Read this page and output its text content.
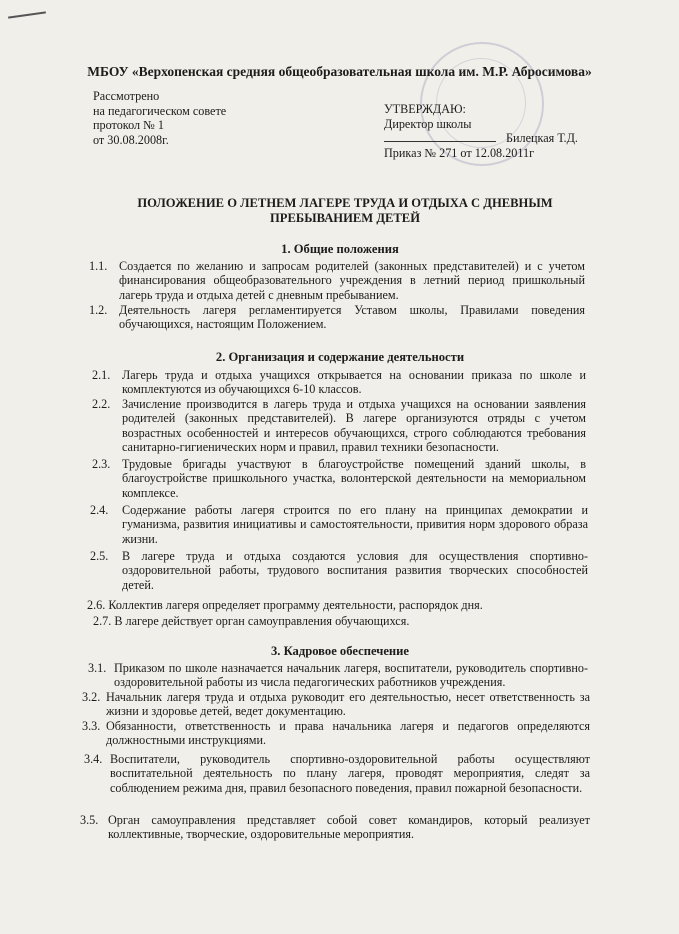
МБОУ «Верхопенская средняя общеобразовательная школа им. М.Р. Абросимова»
Рассмотрено
на педагогическом совете
протокол № 1
от 30.08.2008г.
УТВЕРЖДАЮ:
Директор школы
Билецкая Т.Д.
Приказ № 271 от 12.08.2011г
ПОЛОЖЕНИЕ О ЛЕТНЕМ ЛАГЕРЕ ТРУДА И ОТДЫХА С ДНЕВНЫМ ПРЕБЫВАНИЕМ ДЕТЕЙ
1. Общие положения
1.1. Создается по желанию и запросам родителей (законных представителей) и с учетом финансирования общеобразовательного учреждения в летний период пришкольный лагерь труда и отдыха детей с дневным пребыванием.
1.2. Деятельность лагеря регламентируется Уставом школы, Правилами поведения обучающихся, настоящим Положением.
2. Организация и содержание деятельности
2.1. Лагерь труда и отдыха учащихся открывается на основании приказа по школе и комплектуются из обучающихся 6-10 классов.
2.2. Зачисление производится в лагерь труда и отдыха учащихся на основании заявления родителей (законных представителей). В лагере организуются отряды с учетом возрастных особенностей и интересов обучающихся, строго соблюдаются требования санитарно-гигиенических норм и правил, правил техники безопасности.
2.3. Трудовые бригады участвуют в благоустройстве помещений зданий школы, в благоустройстве пришкольного участка, волонтерской деятельности на мемориальном комплексе.
2.4. Содержание работы лагеря строится по его плану на принципах демократии и гуманизма, развития инициативы и самостоятельности, привития норм здорового образа жизни.
2.5. В лагере труда и отдыха создаются условия для осуществления спортивно-оздоровительной работы, трудового воспитания развития творческих способностей детей.
2.6. Коллектив лагеря определяет программу деятельности, распорядок дня.
2.7. В лагере действует орган самоуправления обучающихся.
3. Кадровое обеспечение
3.1. Приказом по школе назначается начальник лагеря, воспитатели, руководитель спортивно-оздоровительной работы из числа педагогических работников учреждения.
3.2. Начальник лагеря труда и отдыха руководит его деятельностью, несет ответственность за жизни и здоровье детей, ведет документацию.
3.3. Обязанности, ответственность и права начальника лагеря и педагогов определяются должностными инструкциями.
3.4. Воспитатели, руководитель спортивно-оздоровительной работы осуществляют воспитательной деятельность по плану лагеря, проводят мероприятия, следят за соблюдением режима дня, правил безопасного поведения, правил пожарной безопасности.
3.5. Орган самоуправления представляет собой совет командиров, который реализует коллективные, творческие, оздоровительные мероприятия.
